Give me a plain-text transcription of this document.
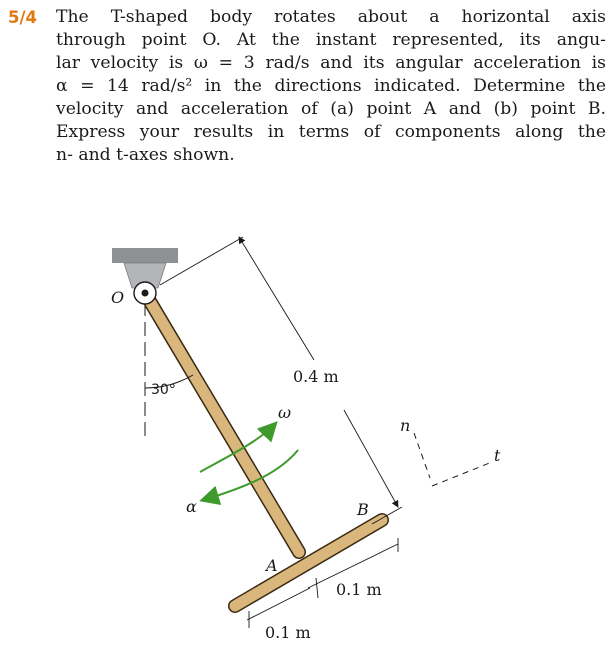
5/4	The T-shaped body rotates about a horizontal axis
through point O. At the instant represented, its angu-
lar velocity is ω = 3 rad/s and its angular acceleration is
α = 14 rad/s² in the directions indicated. Determine the
velocity and acceleration of (a) point A and (b) point B.
Express your results in terms of components along the
n- and t-axes shown.
O
30°
ω
α
0.4 m
n
t
B
A
0.1 m
0.1 m
